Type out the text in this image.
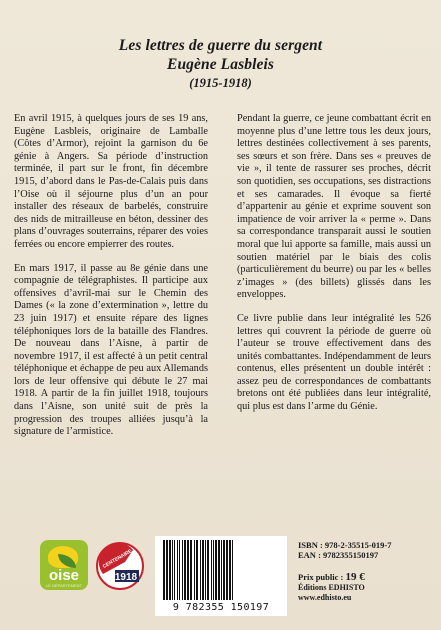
Les lettres de guerre du sergent
Eugène Lasbleis
(1915-1918)

En avril 1915, à quelques jours de ses 19 ans, Eugène Lasbleis, originaire de Lamballe (Côtes d’Armor), rejoint la garnison du 6e génie à Angers. Sa période d’instruction terminée, il part sur le front, fin décembre 1915, d’abord dans le Pas-de-Calais puis dans l’Oise où il séjourne plus d’un an pour installer des réseaux de barbelés, construire des nids de mitrailleuse en béton, dessiner des plans d’ouvrages souterrains, réparer des voies ferrées ou encore empierrer des routes.

En mars 1917, il passe au 8e génie dans une compagnie de télégraphistes. Il participe aux offensives d’avril-mai sur le Chemin des Dames (« la zone d’extermination », lettre du 23 juin 1917) et ensuite répare des lignes téléphoniques lors de la bataille des Flandres. De nouveau dans l’Aisne, à partir de novembre 1917, il est affecté à un petit central téléphonique et échappe de peu aux Allemands lors de leur offensive qui débute le 27 mai 1918. A partir de la fin juillet 1918, toujours dans l’Aisne, son unité suit de près la progression des troupes alliées jusqu’à la signature de l’armistice.

Pendant la guerre, ce jeune combattant écrit en moyenne plus d’une lettre tous les deux jours, lettres destinées collectivement à ses parents, ses sœurs et son frère. Dans ses « preuves de vie », il tente de rassurer ses proches, décrit son quotidien, ses occupations, ses distractions et ses camarades. Il évoque sa fierté d’appartenir au génie et exprime souvent son impatience de voir arriver la « perme ». Dans sa correspondance transparait aussi le soutien moral que lui apporte sa famille, mais aussi un soutien matériel par le biais des colis (particulièrement du beurre) ou par les « belles z’images » (des billets) glissés dans les enveloppes.

Ce livre publie dans leur intégralité les 526 lettres qui couvrent la période de guerre où l’auteur se trouve effectivement dans des unités combattantes. Indépendamment de leurs contenus, elles présentent un double intérêt : assez peu de correspondances de combattants bretons ont été publiées dans leur intégralité, qui plus est dans l’arme du Génie.

oise
LE DÉPARTEMENT
1918
CENTENAIRE
9 782355 150197
ISBN : 978-2-35515-019-7
EAN : 9782355150197
Prix public : 19 €
Éditions EDHISTO
www.edhisto.eu
